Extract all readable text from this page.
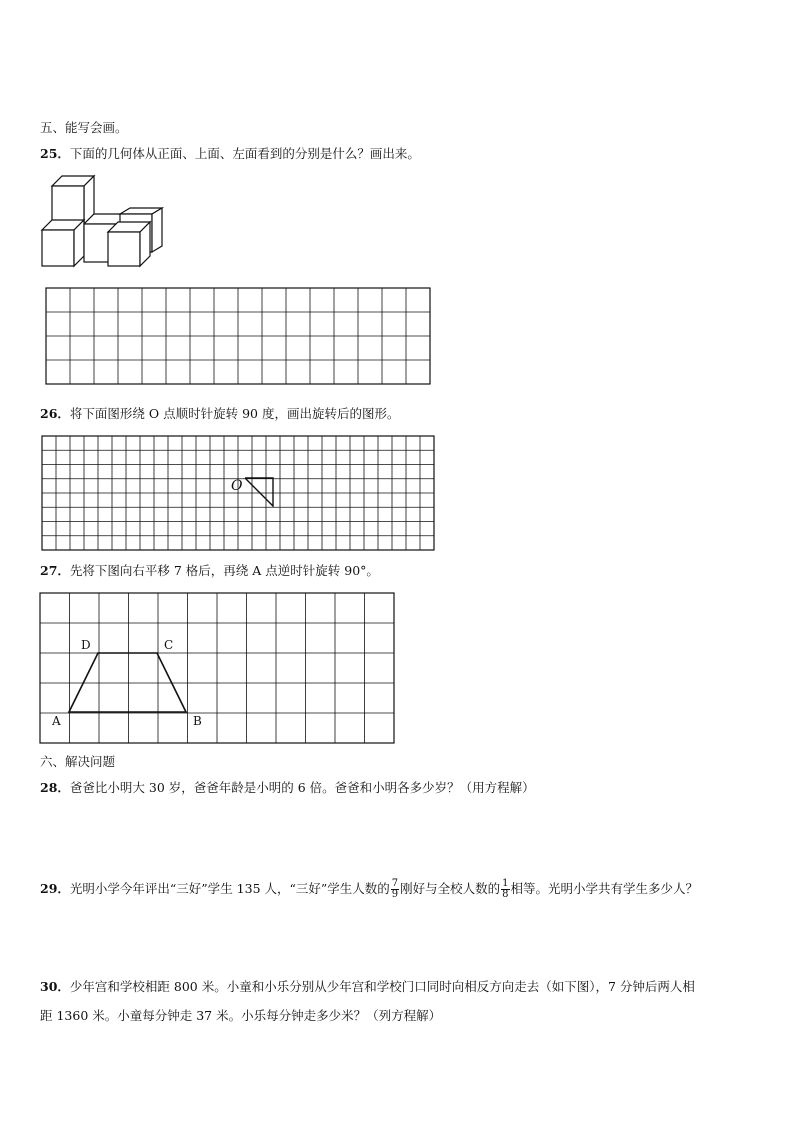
五、能写会画。
25．下面的几何体从正面、上面、左面看到的分别是什么？画出来。
26．将下面图形绕 O 点顺时针旋转 90 度，画出旋转后的图形。
O
27．先将下图向右平移 7 格后，再绕 A 点逆时针旋转 90°。
D	C
A	B
六、解决问题
28．爸爸比小明大 30 岁，爸爸年龄是小明的 6 倍。爸爸和小明各多少岁？（用方程解）
29．光明小学今年评出“三好”学生 135 人，“三好”学生人数的 $\frac{7}{9}$ 刚好与全校人数的 $\frac{1}{8}$ 相等。光明小学共有学生多少人？
30．少年宫和学校相距 800 米。小童和小乐分别从少年宫和学校门口同时向相反方向走去（如下图），7 分钟后两人相
距 1360 米。小童每分钟走 37 米。小乐每分钟走多少米？（列方程解）
